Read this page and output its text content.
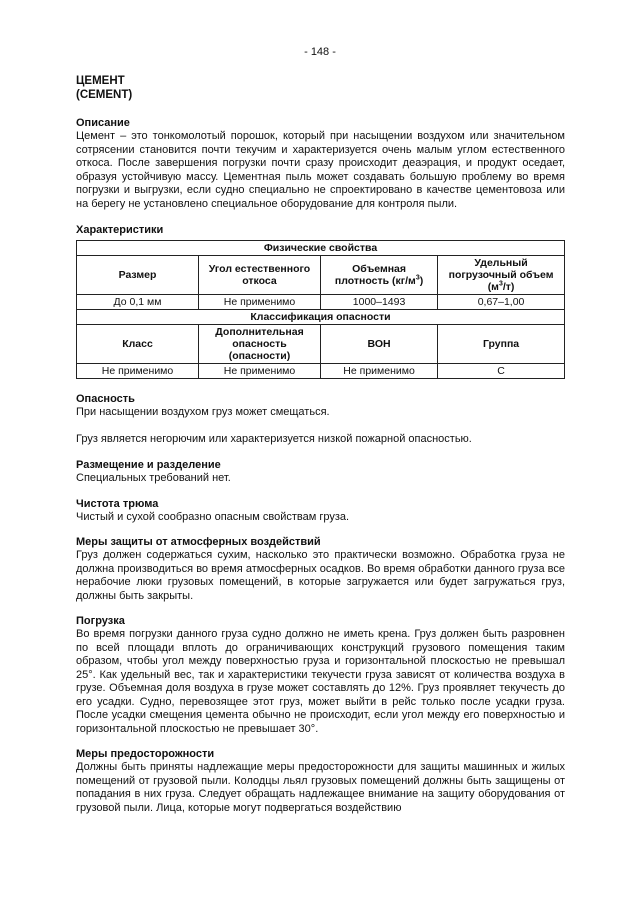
- 148 -
ЦЕМЕНТ
(CEMENT)
Описание

Цемент – это тонкомолотый порошок, который при насыщении воздухом или значительном сотрясении становится почти текучим и характеризуется очень малым углом естественного откоса. После завершения погрузки почти сразу происходит деаэрация, и продукт оседает, образуя устойчивую массу. Цементная пыль может создавать большую проблему во время погрузки и выгрузки, если судно специально не спроектировано в качестве цементовоза или на берегу не установлено специальное оборудование для контроля пыли.

Характеристики
Физические свойства			
Размер	Угол естественного откоса	Объемная плотность $(кг/м^3)$	Удельный погрузочный объем $(м^3/т)$
До 0,1 мм	Не применимо	1000–1493	0,67–1,00
Классификация опасности			
Класс	Дополнительная опасность (опасности)	ВОН	Группа
Не применимо	Не применимо	Не применимо	C
Опасность

При насыщении воздухом груз может смещаться.

Груз является негорючим или характеризуется низкой пожарной опасностью.

Размещение и разделение

Специальных требований нет.

Чистота трюма

Чистый и сухой сообразно опасным свойствам груза.

Меры защиты от атмосферных воздействий

Груз должен содержаться сухим, насколько это практически возможно. Обработка груза не должна производиться во время атмосферных осадков. Во время обработки данного груза все нерабочие люки грузовых помещений, в которые загружается или будет загружаться груз, должны быть закрыты.

Погрузка

Во время погрузки данного груза судно должно не иметь крена. Груз должен быть разровнен по всей площади вплоть до ограничивающих конструкций грузового помещения таким образом, чтобы угол между поверхностью груза и горизонтальной плоскостью не превышал 25°. Как удельный вес, так и характеристики текучести груза зависят от количества воздуха в грузе. Объемная доля воздуха в грузе может составлять до 12%. Груз проявляет текучесть до его усадки. Судно, перевозящее этот груз, может выйти в рейс только после усадки груза. После усадки смещения цемента обычно не происходит, если угол между его поверхностью и горизонтальной плоскостью не превышает 30°.

Меры предосторожности

Должны быть приняты надлежащие меры предосторожности для защиты машинных и жилых помещений от грузовой пыли. Колодцы льял грузовых помещений должны быть защищены от попадания в них груза. Следует обращать надлежащее внимание на защиту оборудования от грузовой пыли. Лица, которые могут подвергаться воздействию
